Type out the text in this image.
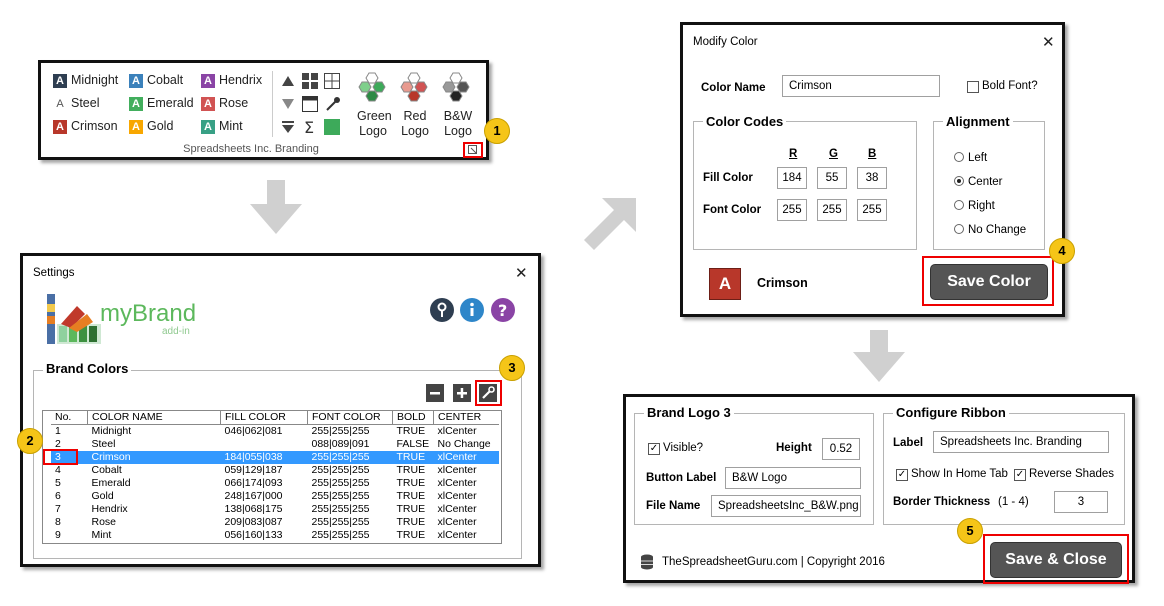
A Midnight
A Steel
A Crimson
A Cobalt
A Emerald
A Gold
A Hendrix
A Rose
A Mint	Σ
Green
Logo
Red
Logo
B&W
Logo
Spreadsheets Inc. Branding
1
Settings	✕
myBrand
add-in
?
Brand Colors
No.	COLOR NAME	FILL COLOR	FONT COLOR	BOLD	CENTER
1	Midnight	046|062|081	255|255|255	TRUE	xlCenter
2	Steel		088|089|091	FALSE	No Change
3	Crimson	184|055|038	255|255|255	TRUE	xlCenter
4	Cobalt	059|129|187	255|255|255	TRUE	xlCenter
5	Emerald	066|174|093	255|255|255	TRUE	xlCenter
6	Gold	248|167|000	255|255|255	TRUE	xlCenter
7	Hendrix	138|068|175	255|255|255	TRUE	xlCenter
8	Rose	209|083|087	255|255|255	TRUE	xlCenter
9	Mint	056|160|133	255|255|255	TRUE	xlCenter
2
3
Modify Color	✕
Color Name	Crimson	Bold Font?
Color Codes
R	G	B
Fill Color	184	55	38
Font Color	255	255	255
Alignment
Left
Center
Right
No Change
A	Crimson	Save Color
4
Brand Logo 3
✓ Visible?	Height	0.52
Button Label	B&W Logo
File Name	SpreadsheetsInc_B&W.png
Configure Ribbon
Label	Spreadsheets Inc. Branding
✓ Show In Home Tab ✓ Reverse Shades
Border Thickness (1 - 4)	3
TheSpreadsheetGuru.com | Copyright 2016	Save & Close
5
